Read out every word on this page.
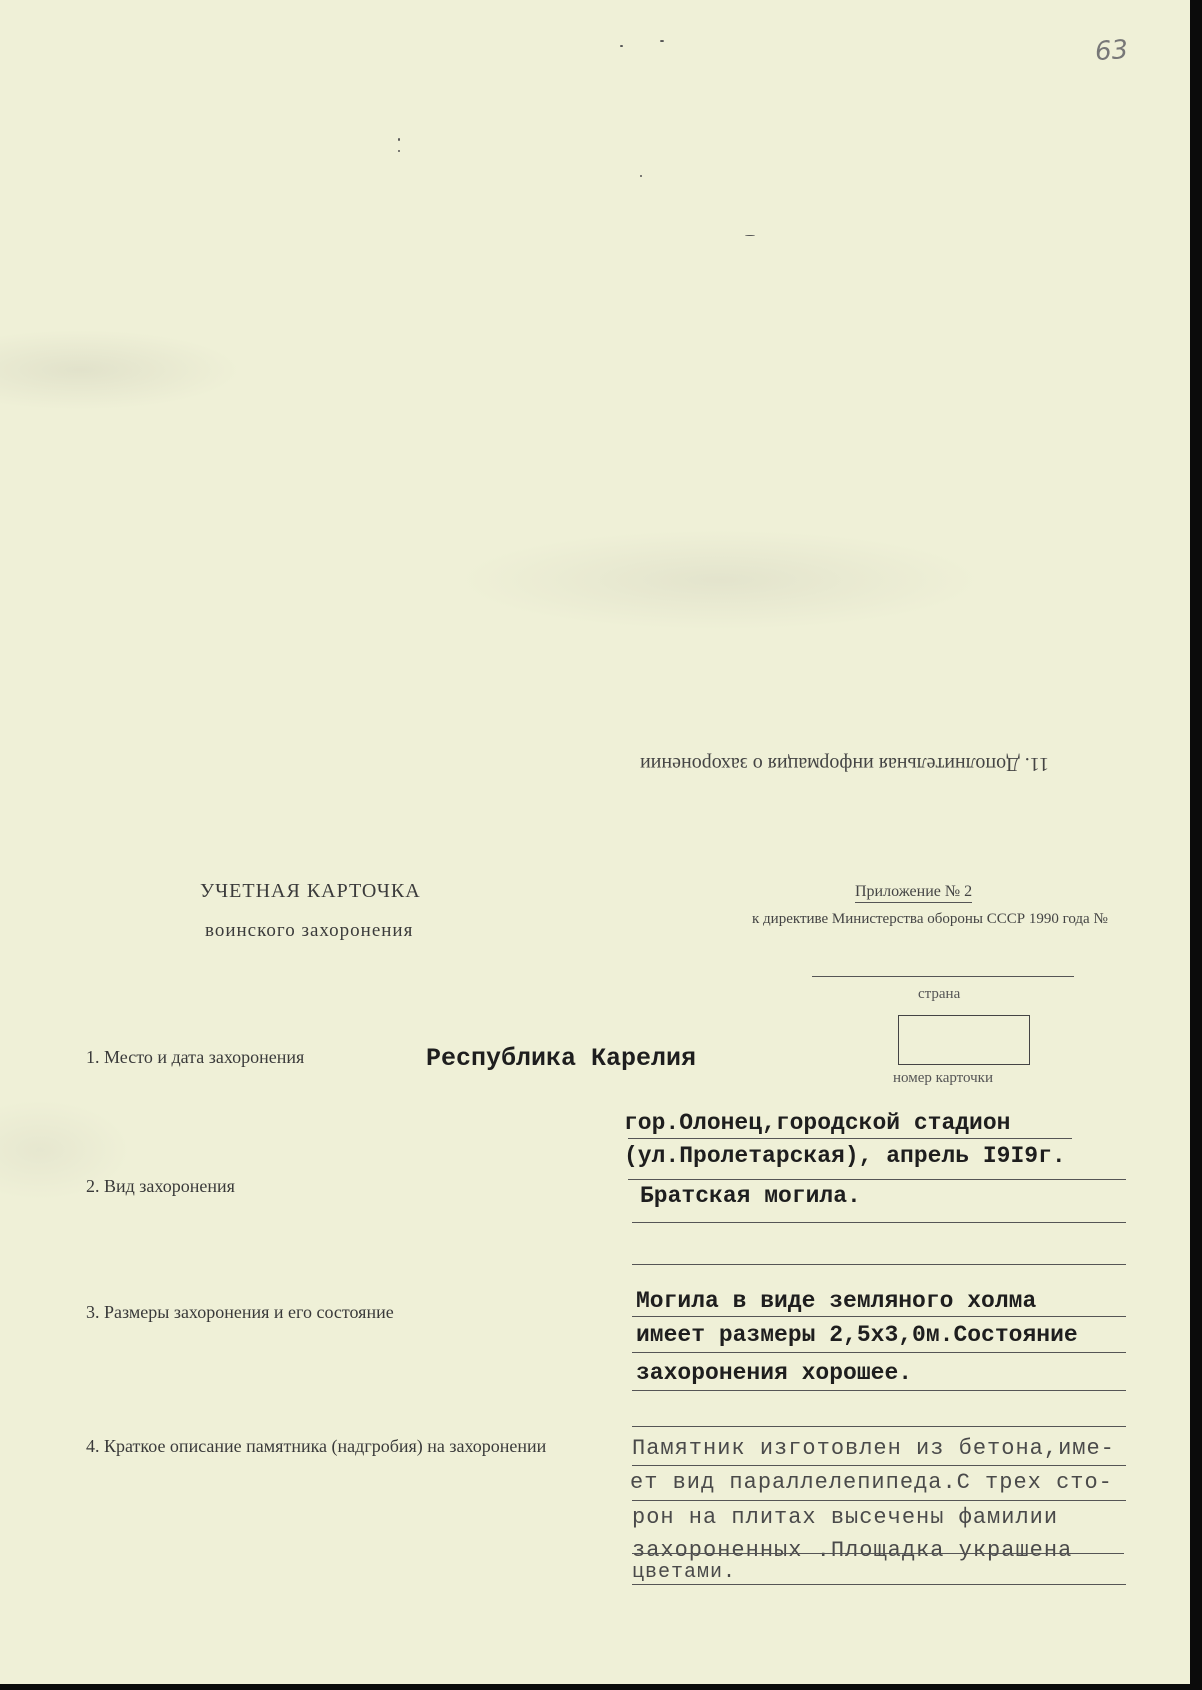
63
11. Дополнительная информация о захоронении
УЧЕТНАЯ КАРТОЧКА
воинского захоронения
Приложение № 2
к директиве Министерства обороны СССР 1990 года №
страна
номер карточки
1. Место и дата захоронения	Республика Карелия
гор.Олонец,городской стадион
(ул.Пролетарская), апрель I9I9г.
2. Вид захоронения	Братская могила.
3. Размеры захоронения и его состояние	Могила в виде земляного холма
имеет размеры 2,5х3,0м.Состояние
захоронения хорошее.
4. Краткое описание памятника (надгробия) на захоронении	Памятник изготовлен из бетона,име-
ет вид параллелепипеда.С трех сто-
рон на плитах высечены фамилии
захороненных .Площадка украшена
цветами.
